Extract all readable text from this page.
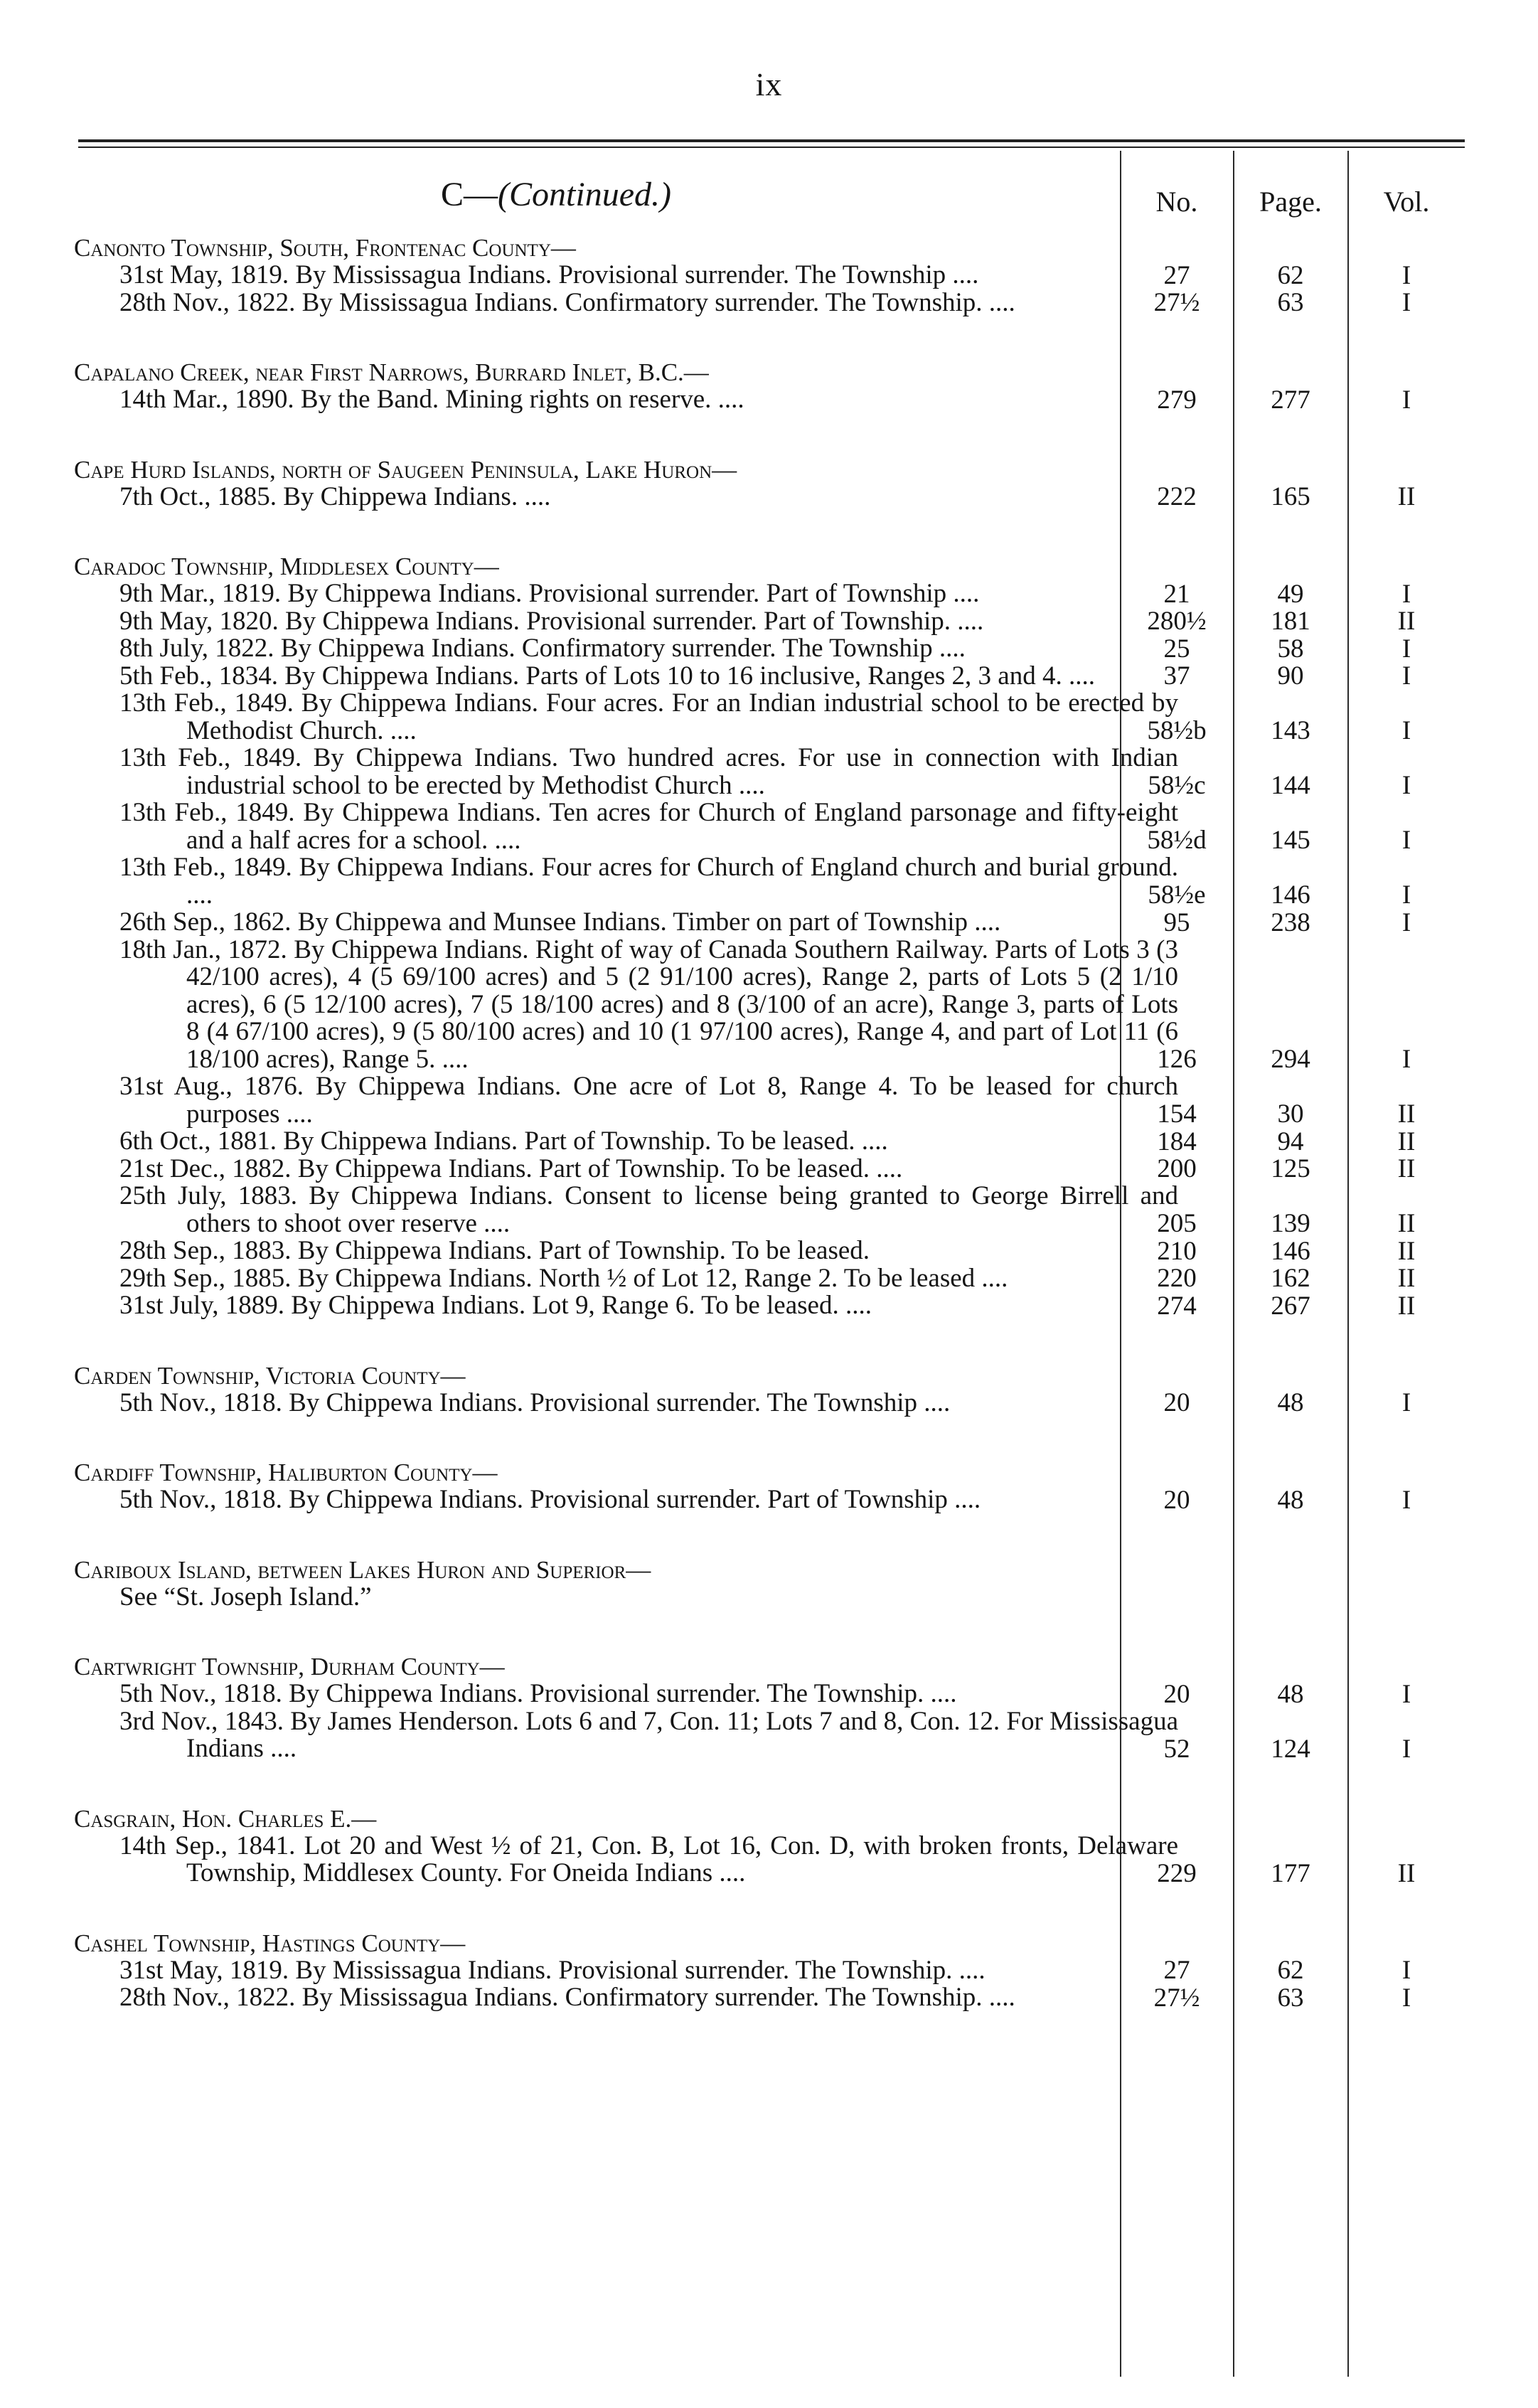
ix
C—(Continued.)	No.	Page.	Vol.
Canonto Township, South, Frontenac County—
31st May, 1819. By Mississagua Indians. Provisional surrender. The Township ....	27	62	I
28th Nov., 1822. By Mississagua Indians. Confirmatory surrender. The Township. ....	27½	63	I
Capalano Creek, near First Narrows, Burrard Inlet, B.C.—
14th Mar., 1890. By the Band. Mining rights on reserve. ....	279	277	I
Cape Hurd Islands, north of Saugeen Peninsula, Lake Huron—
7th Oct., 1885. By Chippewa Indians. ....	222	165	II
Caradoc Township, Middlesex County—
9th Mar., 1819. By Chippewa Indians. Provisional surrender. Part of Township ....	21	49	I
9th May, 1820. By Chippewa Indians. Provisional surrender. Part of Township. ....	280½	181	II
8th July, 1822. By Chippewa Indians. Confirmatory surrender. The Township ....	25	58	I
5th Feb., 1834. By Chippewa Indians. Parts of Lots 10 to 16 inclusive, Ranges 2, 3 and 4. ....	37	90	I
13th Feb., 1849. By Chippewa Indians. Four acres. For an Indian industrial school to be erected by Methodist Church. ....	58½b	143	I
13th Feb., 1849. By Chippewa Indians. Two hundred acres. For use in connection with Indian industrial school to be erected by Methodist Church ....	58½c	144	I
13th Feb., 1849. By Chippewa Indians. Ten acres for Church of England parsonage and fifty-eight and a half acres for a school. ....	58½d	145	I
13th Feb., 1849. By Chippewa Indians. Four acres for Church of England church and burial ground. ....	58½e	146	I
26th Sep., 1862. By Chippewa and Munsee Indians. Timber on part of Township ....	95	238	I
18th Jan., 1872. By Chippewa Indians. Right of way of Canada Southern Railway. Parts of Lots 3 (3 42/100 acres), 4 (5 69/100 acres) and 5 (2 91/100 acres), Range 2, parts of Lots 5 (2 1/10 acres), 6 (5 12/100 acres), 7 (5 18/100 acres) and 8 (3/100 of an acre), Range 3, parts of Lots 8 (4 67/100 acres), 9 (5 80/100 acres) and 10 (1 97/100 acres), Range 4, and part of Lot 11 (6 18/100 acres), Range 5. ....	126	294	I
31st Aug., 1876. By Chippewa Indians. One acre of Lot 8, Range 4. To be leased for church purposes ....	154	30	II
6th Oct., 1881. By Chippewa Indians. Part of Township. To be leased. ....	184	94	II
21st Dec., 1882. By Chippewa Indians. Part of Township. To be leased. ....	200	125	II
25th July, 1883. By Chippewa Indians. Consent to license being granted to George Birrell and others to shoot over reserve ....	205	139	II
28th Sep., 1883. By Chippewa Indians. Part of Township. To be leased.	210	146	II
29th Sep., 1885. By Chippewa Indians. North ½ of Lot 12, Range 2. To be leased ....	220	162	II
31st July, 1889. By Chippewa Indians. Lot 9, Range 6. To be leased. ....	274	267	II
Carden Township, Victoria County—
5th Nov., 1818. By Chippewa Indians. Provisional surrender. The Township ....	20	48	I
Cardiff Township, Haliburton County—
5th Nov., 1818. By Chippewa Indians. Provisional surrender. Part of Township ....	20	48	I
Cariboux Island, between Lakes Huron and Superior—
See “St. Joseph Island.”
Cartwright Township, Durham County—
5th Nov., 1818. By Chippewa Indians. Provisional surrender. The Township. ....	20	48	I
3rd Nov., 1843. By James Henderson. Lots 6 and 7, Con. 11; Lots 7 and 8, Con. 12. For Mississagua Indians ....	52	124	I
Casgrain, Hon. Charles E.—
14th Sep., 1841. Lot 20 and West ½ of 21, Con. B, Lot 16, Con. D, with broken fronts, Delaware Township, Middlesex County. For Oneida Indians ....	229	177	II
Cashel Township, Hastings County—
31st May, 1819. By Mississagua Indians. Provisional surrender. The Township. ....	27	62	I
28th Nov., 1822. By Mississagua Indians. Confirmatory surrender. The Township. ....	27½	63	I
